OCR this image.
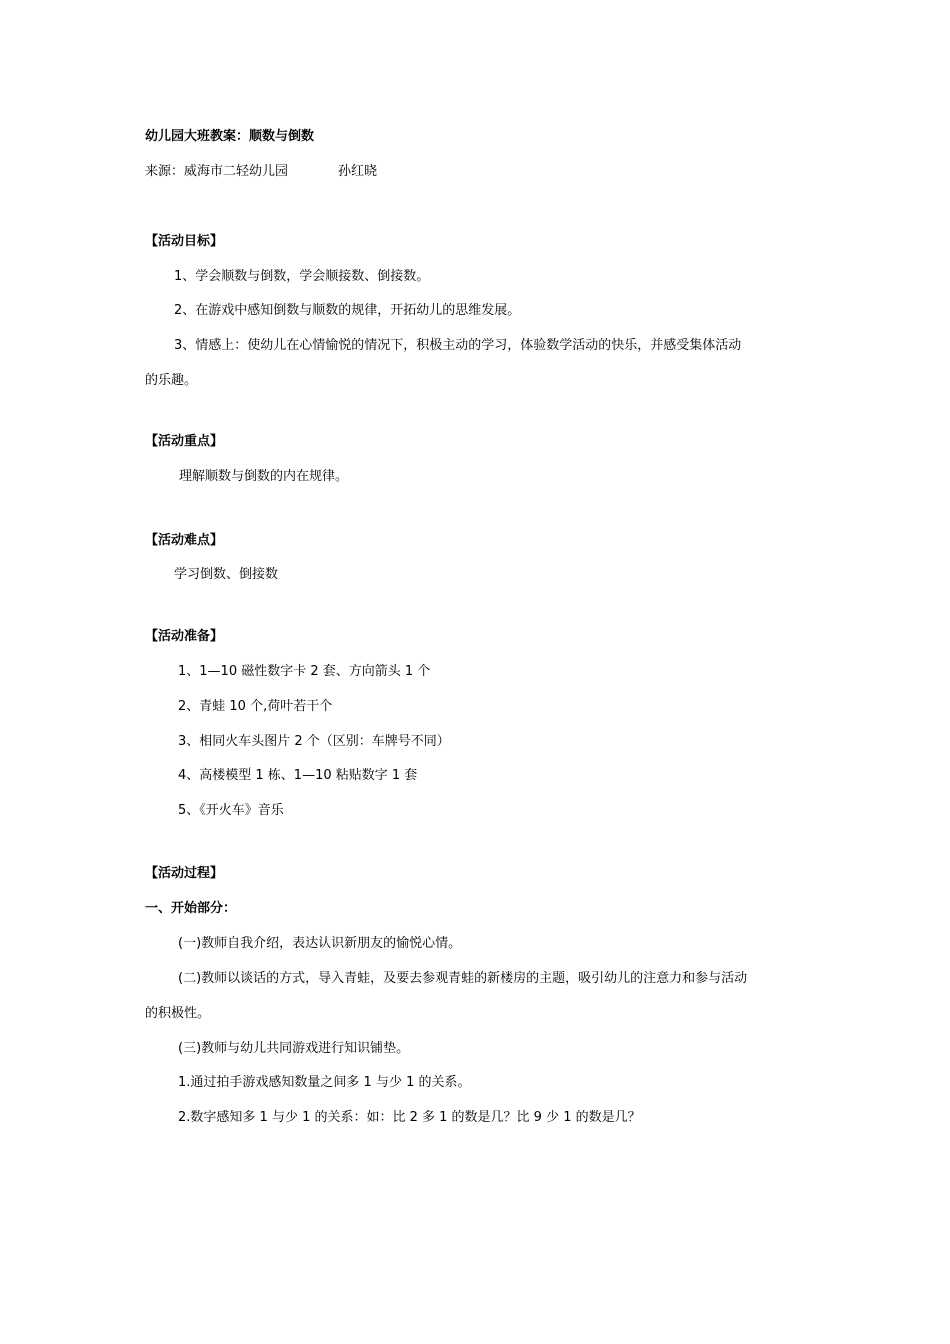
幼儿园大班教案：顺数与倒数
来源：威海市二轻幼儿园	孙红晓
【活动目标】
1、学会顺数与倒数，学会顺接数、倒接数。
2、在游戏中感知倒数与顺数的规律，开拓幼儿的思维发展。
3、情感上：使幼儿在心情愉悦的情况下，积极主动的学习，体验数学活动的快乐，并感受集体活动
的乐趣。
【活动重点】
理解顺数与倒数的内在规律。
【活动难点】
学习倒数、倒接数
【活动准备】
1、1—10 磁性数字卡 2 套、方向箭头 1 个
2、青蛙 10 个,荷叶若干个
3、相同火车头图片 2 个（区别：车牌号不同）
4、高楼模型 1 栋、1—10 粘贴数字 1 套
5、《开火车》音乐
【活动过程】
一、开始部分：
(一)教师自我介绍，表达认识新朋友的愉悦心情。
(二)教师以谈话的方式，导入青蛙，及要去参观青蛙的新楼房的主题，吸引幼儿的注意力和参与活动
的积极性。
(三)教师与幼儿共同游戏进行知识铺垫。
1.通过拍手游戏感知数量之间多 1 与少 1 的关系。
2.数字感知多 1 与少 1 的关系：如：比 2 多 1 的数是几？比 9 少 1 的数是几？
